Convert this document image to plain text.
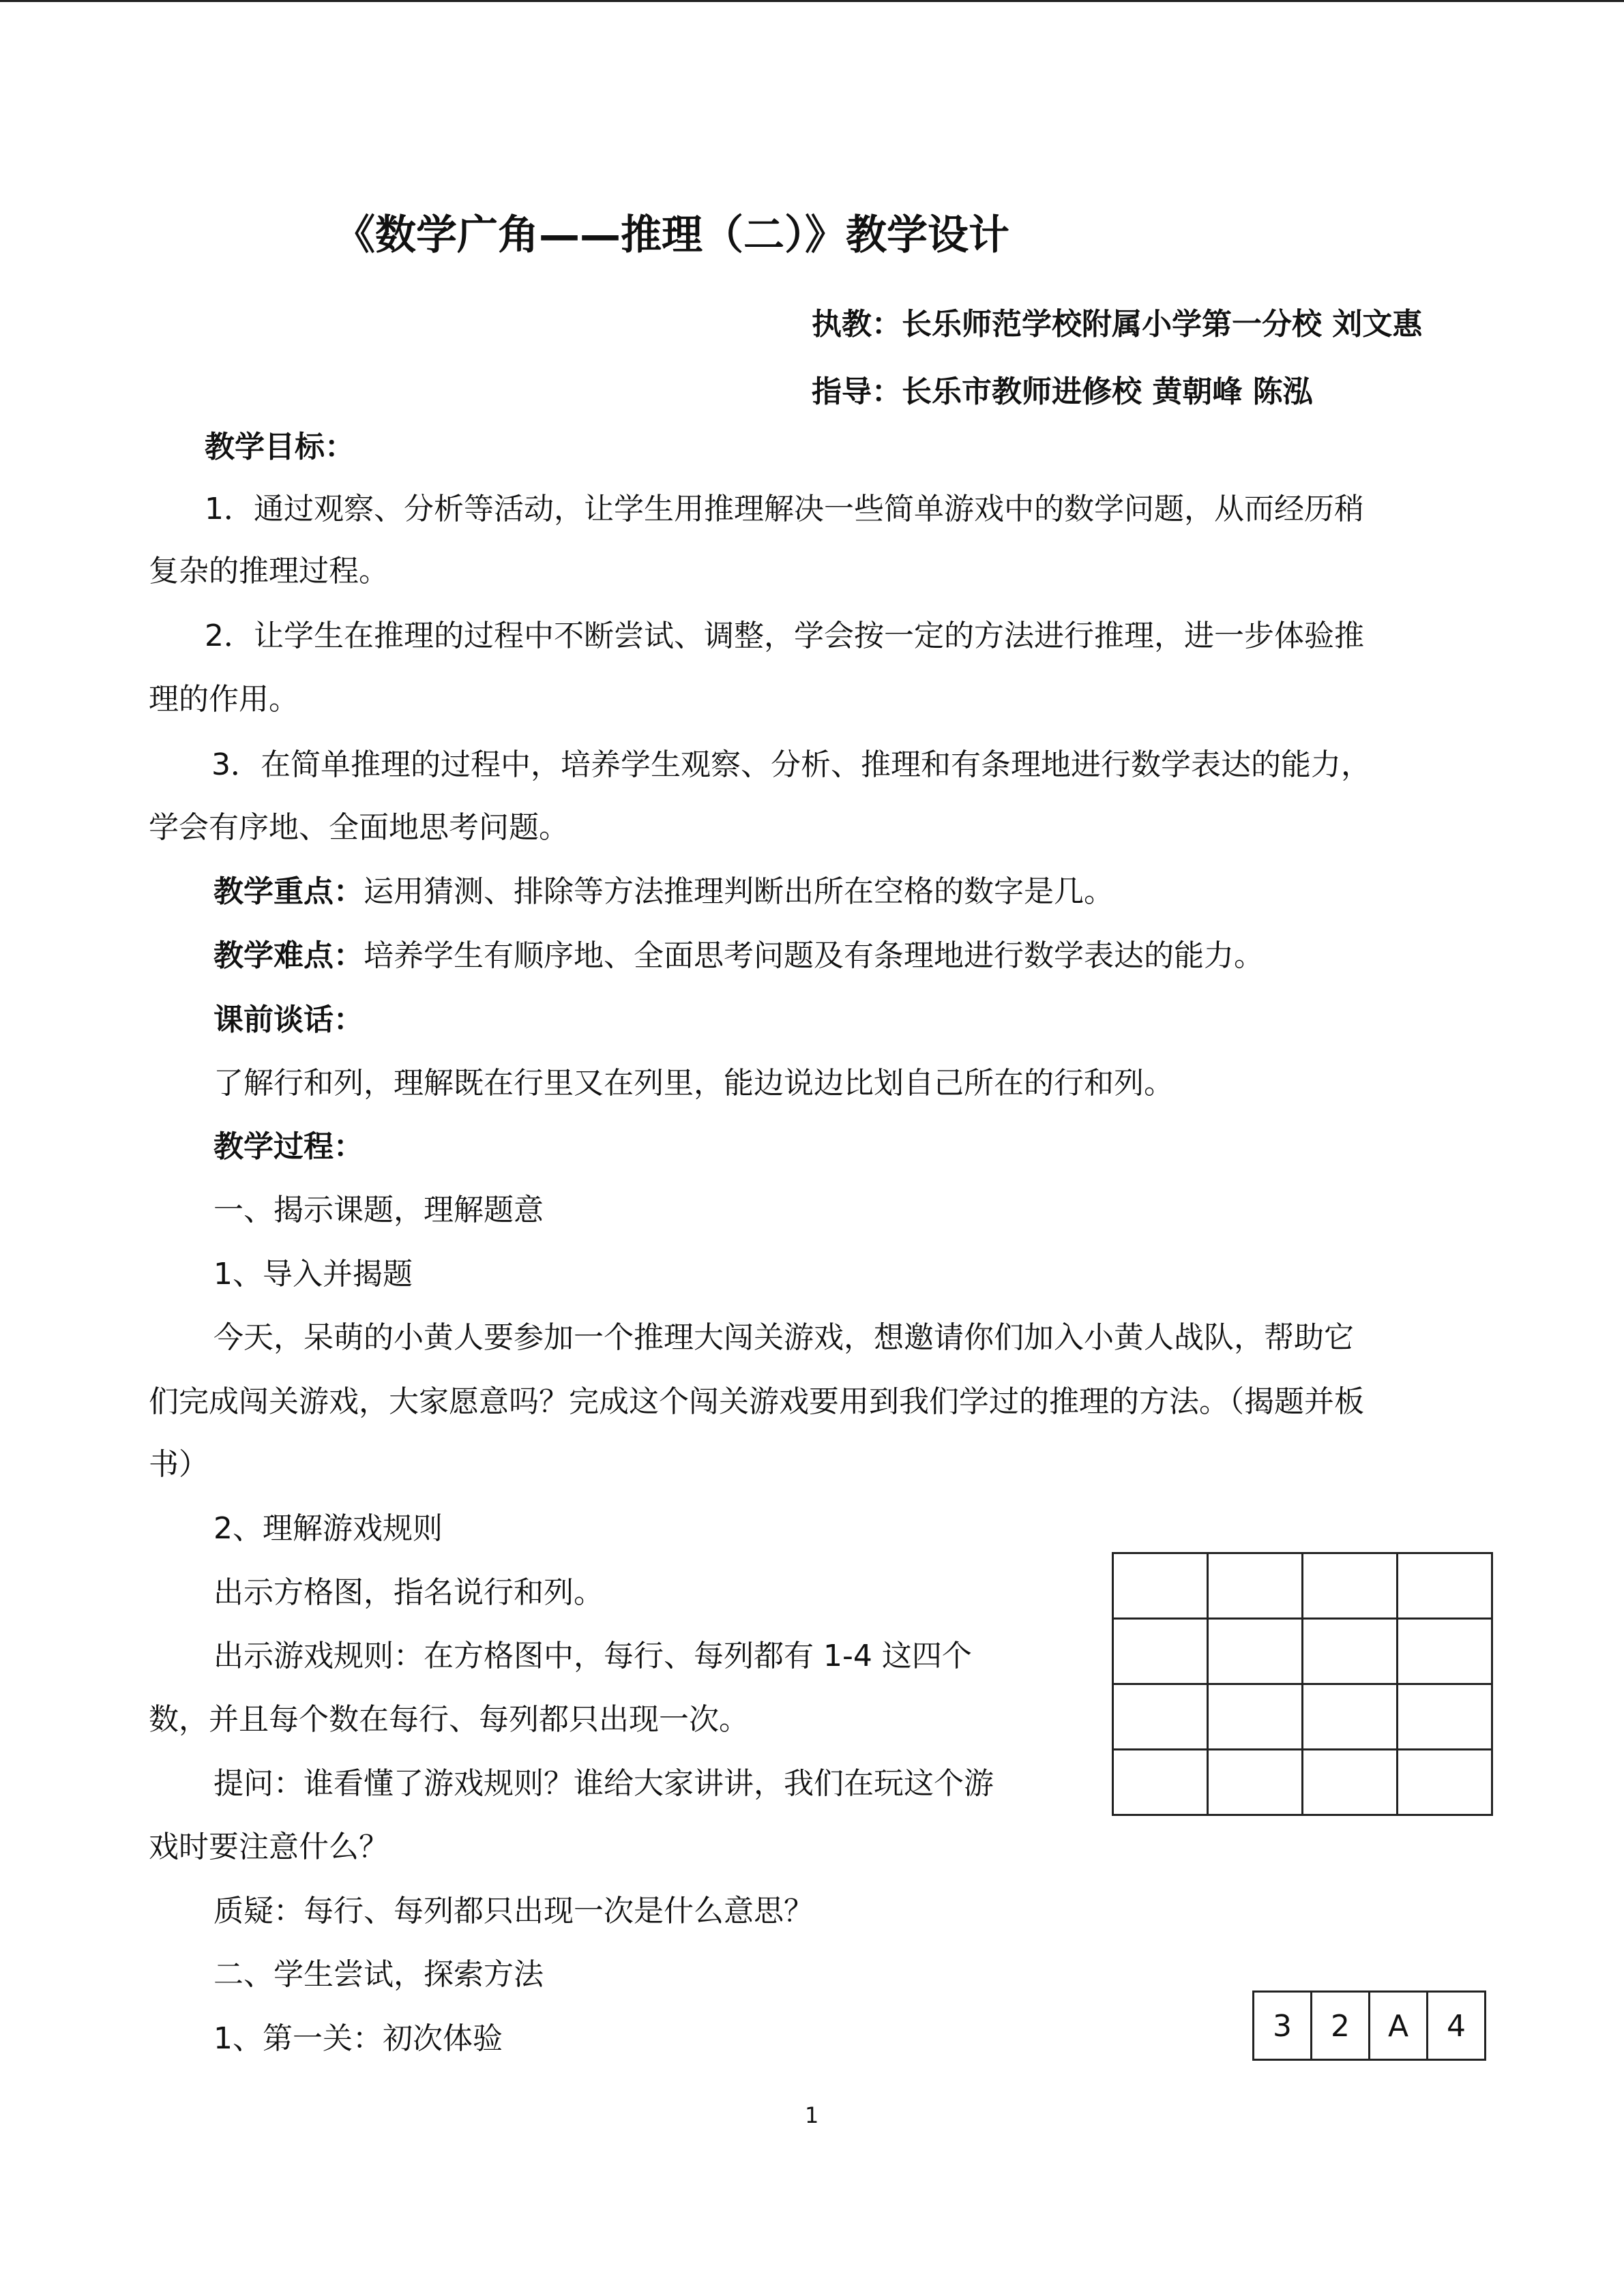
《数学广角——推理（二）》教学设计
执教：长乐师范学校附属小学第一分校 刘文惠
指导：长乐市教师进修校 黄朝峰 陈泓
教学目标：
1．通过观察、分析等活动，让学生用推理解决一些简单游戏中的数学问题，从而经历稍
复杂的推理过程。
2．让学生在推理的过程中不断尝试、调整，学会按一定的方法进行推理，进一步体验推
理的作用。
3．在简单推理的过程中，培养学生观察、分析、推理和有条理地进行数学表达的能力，
学会有序地、全面地思考问题。
教学重点：运用猜测、排除等方法推理判断出所在空格的数字是几。
教学难点：培养学生有顺序地、全面思考问题及有条理地进行数学表达的能力。
课前谈话：
了解行和列，理解既在行里又在列里，能边说边比划自己所在的行和列。
教学过程：
一、揭示课题，理解题意
1、导入并揭题
今天，呆萌的小黄人要参加一个推理大闯关游戏，想邀请你们加入小黄人战队，帮助它
们完成闯关游戏，大家愿意吗？完成这个闯关游戏要用到我们学过的推理的方法。（揭题并板
书）
2、理解游戏规则
出示方格图，指名说行和列。
出示游戏规则：在方格图中，每行、每列都有 1-4 这四个
数，并且每个数在每行、每列都只出现一次。
提问：谁看懂了游戏规则？谁给大家讲讲，我们在玩这个游
戏时要注意什么？
质疑：每行、每列都只出现一次是什么意思？
二、学生尝试，探索方法
1、第一关：初次体验	3	2	A	4
1
